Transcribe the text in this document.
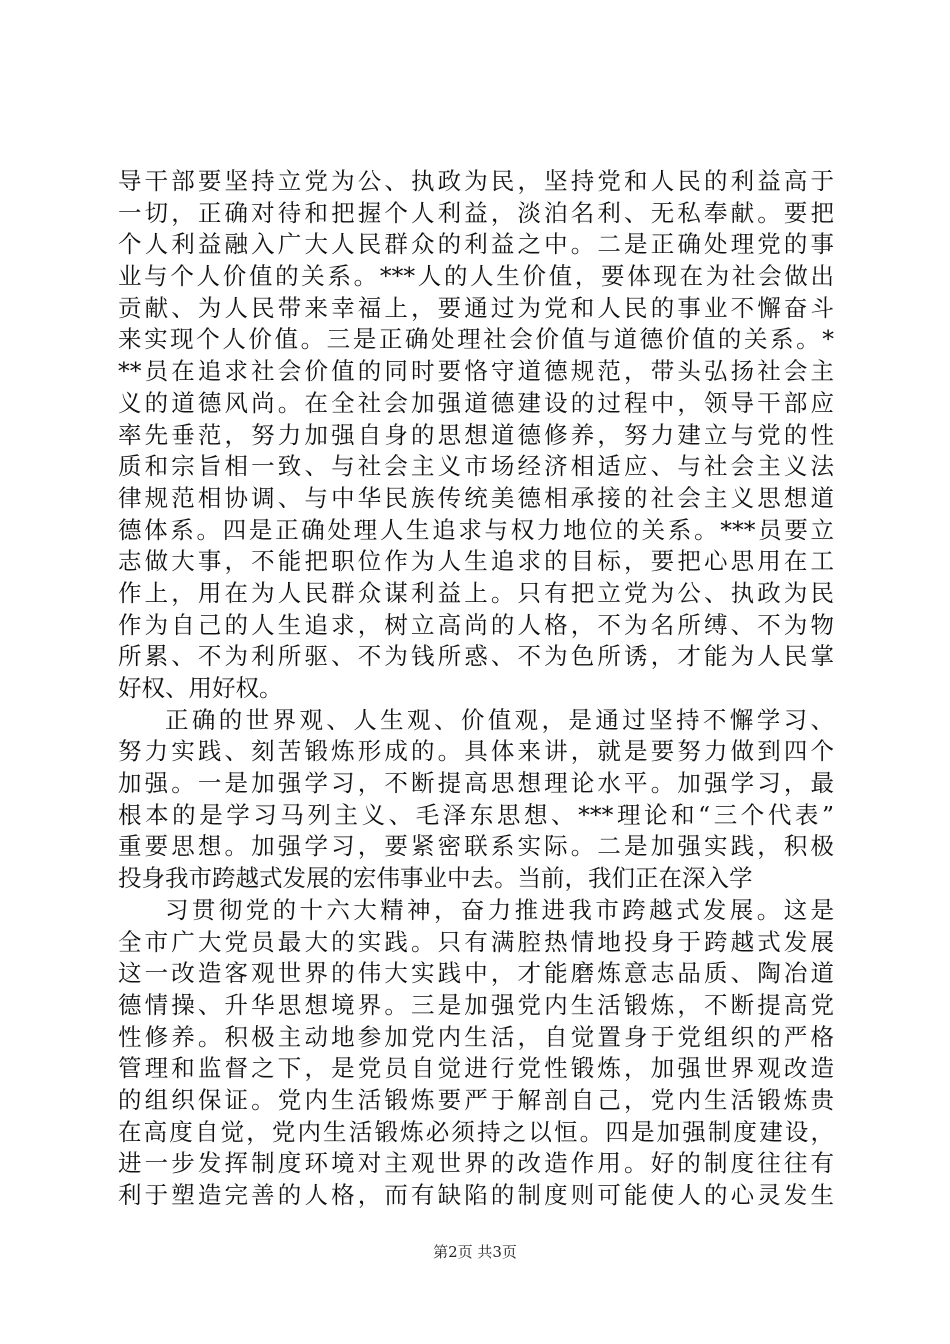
导干部要坚持立党为公、执政为民，坚持党和人民的利益高于
一切，正确对待和把握个人利益，淡泊名利、无私奉献。要把
个人利益融入广大人民群众的利益之中。二是正确处理党的事
业与个人价值的关系。***人的人生价值，要体现在为社会做出
贡献、为人民带来幸福上，要通过为党和人民的事业不懈奋斗
来实现个人价值。三是正确处理社会价值与道德价值的关系。*
**员在追求社会价值的同时要恪守道德规范，带头弘扬社会主
义的道德风尚。在全社会加强道德建设的过程中，领导干部应
率先垂范，努力加强自身的思想道德修养，努力建立与党的性
质和宗旨相一致、与社会主义市场经济相适应、与社会主义法
律规范相协调、与中华民族传统美德相承接的社会主义思想道
德体系。四是正确处理人生追求与权力地位的关系。***员要立
志做大事，不能把职位作为人生追求的目标，要把心思用在工
作上，用在为人民群众谋利益上。只有把立党为公、执政为民
作为自己的人生追求，树立高尚的人格，不为名所缚、不为物
所累、不为利所驱、不为钱所惑、不为色所诱，才能为人民掌
好权、用好权。
正确的世界观、人生观、价值观，是通过坚持不懈学习、
努力实践、刻苦锻炼形成的。具体来讲，就是要努力做到四个
加强。一是加强学习，不断提高思想理论水平。加强学习，最
根本的是学习马列主义、毛泽东思想、***理论和“三个代表”
重要思想。加强学习，要紧密联系实际。二是加强实践，积极
投身我市跨越式发展的宏伟事业中去。当前，我们正在深入学
习贯彻党的十六大精神，奋力推进我市跨越式发展。这是
全市广大党员最大的实践。只有满腔热情地投身于跨越式发展
这一改造客观世界的伟大实践中，才能磨炼意志品质、陶冶道
德情操、升华思想境界。三是加强党内生活锻炼，不断提高党
性修养。积极主动地参加党内生活，自觉置身于党组织的严格
管理和监督之下，是党员自觉进行党性锻炼，加强世界观改造
的组织保证。党内生活锻炼要严于解剖自己，党内生活锻炼贵
在高度自觉，党内生活锻炼必须持之以恒。四是加强制度建设，
进一步发挥制度环境对主观世界的改造作用。好的制度往往有
利于塑造完善的人格，而有缺陷的制度则可能使人的心灵发生
第2页 共3页
